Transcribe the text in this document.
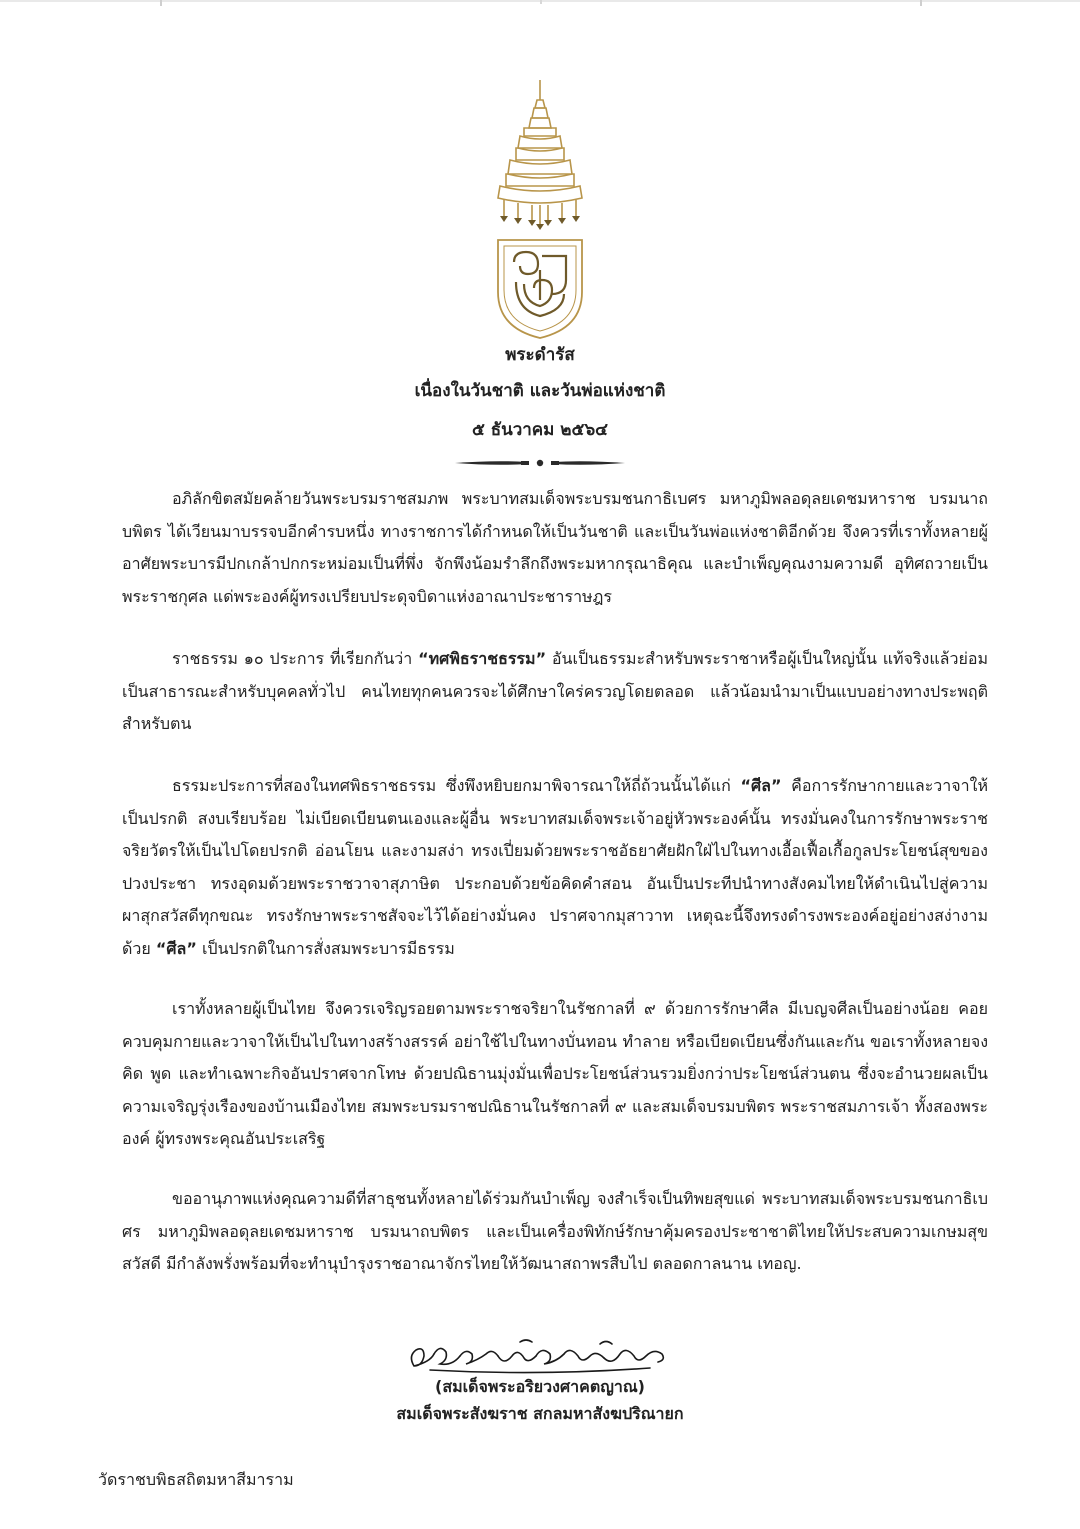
พระดำรัส
เนื่องในวันชาติ และวันพ่อแห่งชาติ
๕ ธันวาคม ๒๕๖๔

อภิลักขิตสมัยคล้ายวันพระบรมราชสมภพ พระบาทสมเด็จพระบรมชนกาธิเบศร มหาภูมิพลอดุลยเดชมหาราช บรมนาถบพิตร ได้เวียนมาบรรจบอีกคำรบหนึ่ง ทางราชการได้กำหนดให้เป็นวันชาติ และเป็นวันพ่อแห่งชาติอีกด้วย จึงควรที่เราทั้งหลายผู้อาศัยพระบารมีปกเกล้าปกกระหม่อมเป็นที่พึ่ง จักพึงน้อมรำลึกถึงพระมหากรุณาธิคุณ และบำเพ็ญคุณงามความดี อุทิศถวายเป็นพระราชกุศล แด่พระองค์ผู้ทรงเปรียบประดุจบิดาแห่งอาณาประชาราษฎร

ราชธรรม ๑๐ ประการ ที่เรียกกันว่า “ทศพิธราชธรรม” อันเป็นธรรมะสำหรับพระราชาหรือผู้เป็นใหญ่นั้น แท้จริงแล้วย่อมเป็นสาธารณะสำหรับบุคคลทั่วไป คนไทยทุกคนควรจะได้ศึกษาใคร่ครวญโดยตลอด แล้วน้อมนำมาเป็นแบบอย่างทางประพฤติสำหรับตน

ธรรมะประการที่สองในทศพิธราชธรรม ซึ่งพึงหยิบยกมาพิจารณาให้ถี่ถ้วนนั้นได้แก่ “ศีล” คือการรักษากายและวาจาให้เป็นปรกติ สงบเรียบร้อย ไม่เบียดเบียนตนเองและผู้อื่น พระบาทสมเด็จพระเจ้าอยู่หัวพระองค์นั้น ทรงมั่นคงในการรักษาพระราชจริยวัตรให้เป็นไปโดยปรกติ อ่อนโยน และงามสง่า ทรงเปี่ยมด้วยพระราชอัธยาศัยฝักใฝ่ไปในทางเอื้อเฟื้อเกื้อกูลประโยชน์สุขของปวงประชา ทรงอุดมด้วยพระราชวาจาสุภาษิต ประกอบด้วยข้อคิดคำสอน อันเป็นประทีปนำทางสังคมไทยให้ดำเนินไปสู่ความผาสุกสวัสดีทุกขณะ ทรงรักษาพระราชสัจจะไว้ได้อย่างมั่นคง ปราศจากมุสาวาท เหตุฉะนี้จึงทรงดำรงพระองค์อยู่อย่างสง่างามด้วย “ศีล” เป็นปรกติในการสั่งสมพระบารมีธรรม

เราทั้งหลายผู้เป็นไทย จึงควรเจริญรอยตามพระราชจริยาในรัชกาลที่ ๙ ด้วยการรักษาศีล มีเบญจศีลเป็นอย่างน้อย คอยควบคุมกายและวาจาให้เป็นไปในทางสร้างสรรค์ อย่าใช้ไปในทางบั่นทอน ทำลาย หรือเบียดเบียนซึ่งกันและกัน ขอเราทั้งหลายจงคิด พูด และทำเฉพาะกิจอันปราศจากโทษ ด้วยปณิธานมุ่งมั่นเพื่อประโยชน์ส่วนรวมยิ่งกว่าประโยชน์ส่วนตน ซึ่งจะอำนวยผลเป็นความเจริญรุ่งเรืองของบ้านเมืองไทย สมพระบรมราชปณิธานในรัชกาลที่ ๙ และสมเด็จบรมบพิตร พระราชสมภารเจ้า ทั้งสองพระองค์ ผู้ทรงพระคุณอันประเสริฐ

ขออานุภาพแห่งคุณความดีที่สาธุชนทั้งหลายได้ร่วมกันบำเพ็ญ จงสำเร็จเป็นทิพยสุขแด่ พระบาทสมเด็จพระบรมชนกาธิเบศร มหาภูมิพลอดุลยเดชมหาราช บรมนาถบพิตร และเป็นเครื่องพิทักษ์รักษาคุ้มครองประชาชาติไทยให้ประสบความเกษมสุขสวัสดี มีกำลังพรั่งพร้อมที่จะทำนุบำรุงราชอาณาจักรไทยให้วัฒนาสถาพรสืบไป ตลอดกาลนาน เทอญ.

(สมเด็จพระอริยวงศาคตญาณ)
สมเด็จพระสังฆราช สกลมหาสังฆปริณายก
วัดราชบพิธสถิตมหาสีมาราม
